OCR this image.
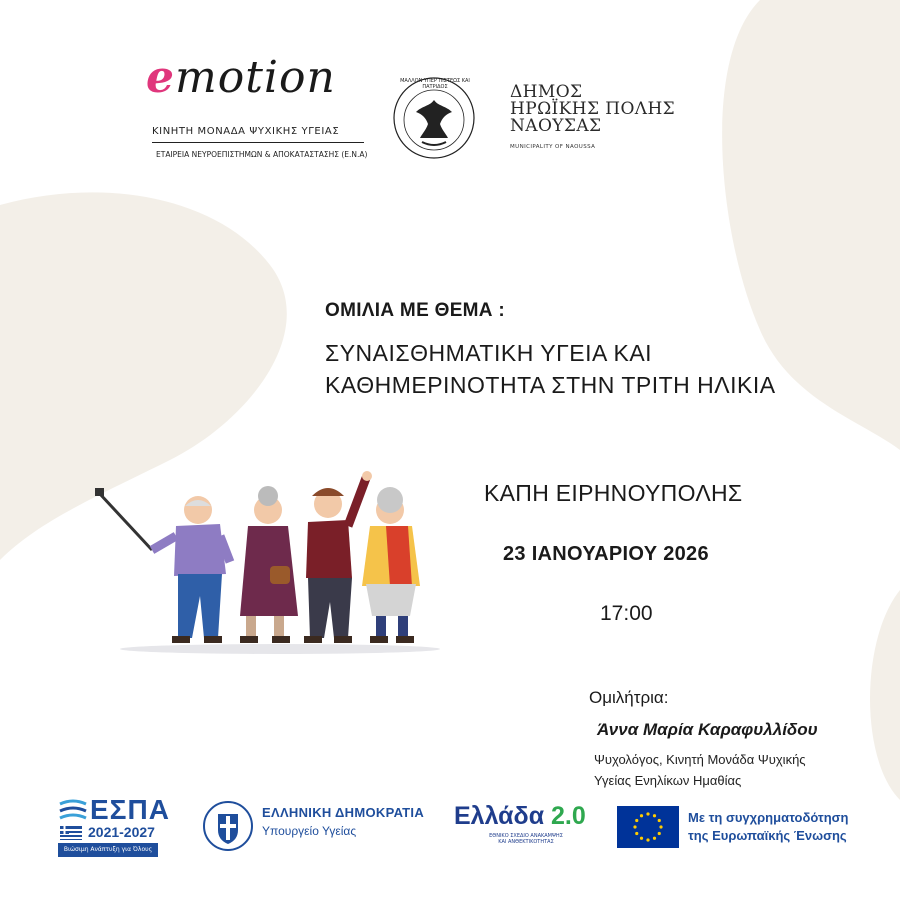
emotion
ΚΙΝΗΤΗ ΜΟΝΑΔΑ ΨΥΧΙΚΗΣ ΥΓΕΙΑΣ
ΕΤΑΙΡΕΙΑ ΝΕΥΡΟΕΠΙΣΤΗΜΩΝ & ΑΠΟΚΑΤΑΣΤΑΣΗΣ (Ε.Ν.Α)
ΜΑΛΛΟΝ ΥΠΕΡ ΠΙΣΤΕΩΣ ΚΑΙ ΠΑΤΡΙΔΟΣ	ΔΗΜΟΣ
ΗΡΩΪΚΗΣ ΠΟΛΗΣ
ΝΑΟΥΣΑΣ
MUNICIPALITY OF NAOUSSA
ΟΜΙΛΙΑ ΜΕ ΘΕΜΑ :
ΣΥΝΑΙΣΘΗΜΑΤΙΚΗ ΥΓΕΙΑ ΚΑΙ
ΚΑΘΗΜΕΡΙΝΟΤΗΤΑ ΣΤΗΝ ΤΡΙΤΗ ΗΛΙΚΙΑ
ΚΑΠΗ ΕΙΡΗΝΟΥΠΟΛΗΣ
23 ΙΑΝΟΥΑΡΙΟΥ 2026
17:00
Ομιλήτρια:
Άννα Μαρία Καραφυλλίδου
Ψυχολόγος, Κινητή Μονάδα Ψυχικής
Υγείας Ενηλίκων Ημαθίας
ΕΣΠΑ
2021-2027
Βιώσιμη Ανάπτυξη για Όλους
ΕΛΛΗΝΙΚΗ ΔΗΜΟΚΡΑΤΙΑ
Υπουργείο Υγείας
Ελλάδα 2.0
ΕΘΝΙΚΟ ΣΧΕΔΙΟ ΑΝΑΚΑΜΨΗΣ
ΚΑΙ ΑΝΘΕΚΤΙΚΟΤΗΤΑΣ
Με τη συγχρηματοδότηση
της Ευρωπαϊκής Ένωσης
